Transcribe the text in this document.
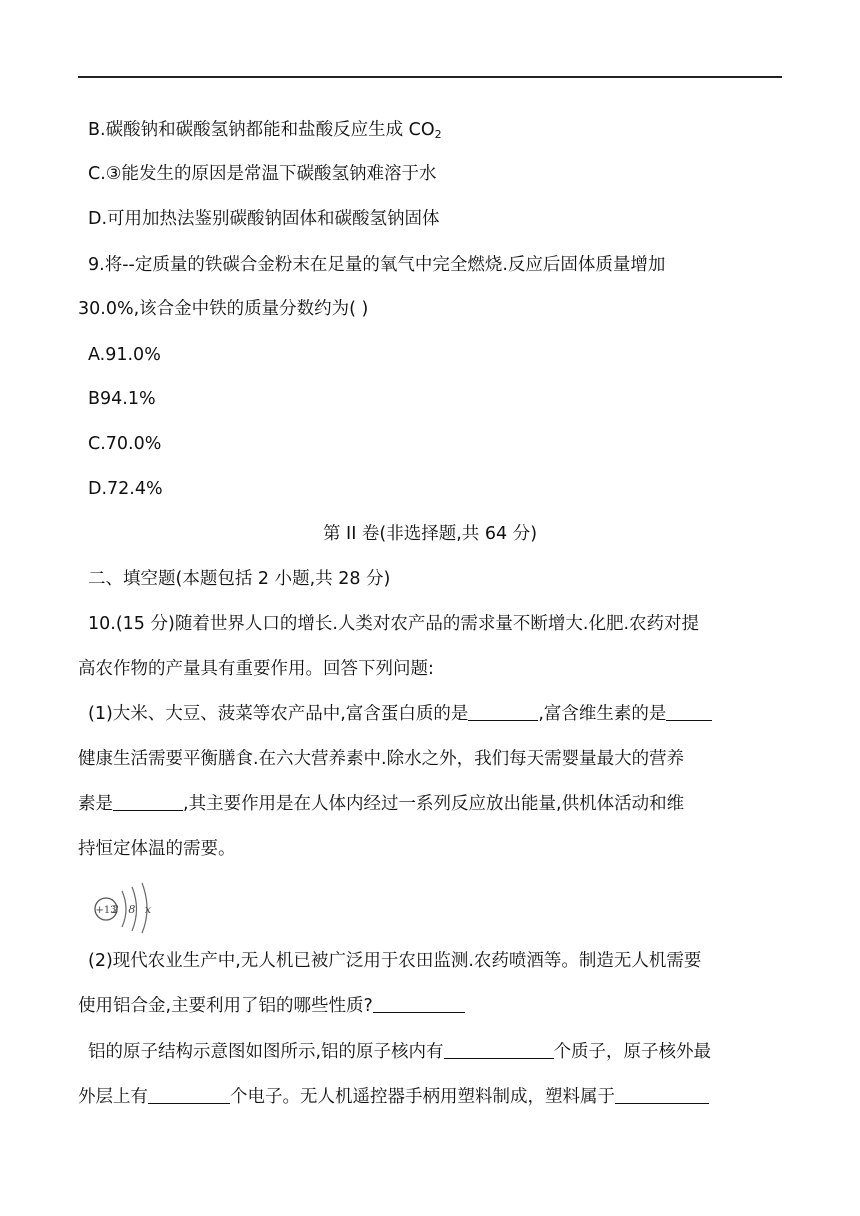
B.碳酸钠和碳酸氢钠都能和盐酸反应生成 $CO_2$
C.③能发生的原因是常温下碳酸氢钠难溶于水
D.可用加热法鉴别碳酸钠固体和碳酸氢钠固体
9.将--定质量的铁碳合金粉末在足量的氧气中完全燃烧.反应后固体质量增加
30.0%,该合金中铁的质量分数约为( )
A.91.0%
B94.1%
C.70.0%
D.72.4%
第 II 卷(非选择题,共 64 分)
二、填空题(本题包括 2 小题,共 28 分)
10.(15 分)随着世界人口的增长.人类对农产品的需求量不断增大.化肥.农药对提
高农作物的产量具有重要作用。回答下列问题:
(1)大米、大豆、菠菜等农产品中,富含蛋白质的是	,富含维生素的是
健康生活需要平衡膳食.在六大营养素中.除水之外，我们每天需婴量最大的营养
素是	,其主要作用是在人体内经过一系列反应放出能量,供机体活动和维
持恒定体温的需要。
+13
2 8 x
(2)现代农业生产中,无人机已被广泛用于农田监测.农药喷酒等。制造无人机需要
使用铝合金,主要利用了铝的哪些性质?
铝的原子结构示意图如图所示,铝的原子核内有	个质子，原子核外最
外层上有	个电子。无人机遥控器手柄用塑料制成，塑料属于
